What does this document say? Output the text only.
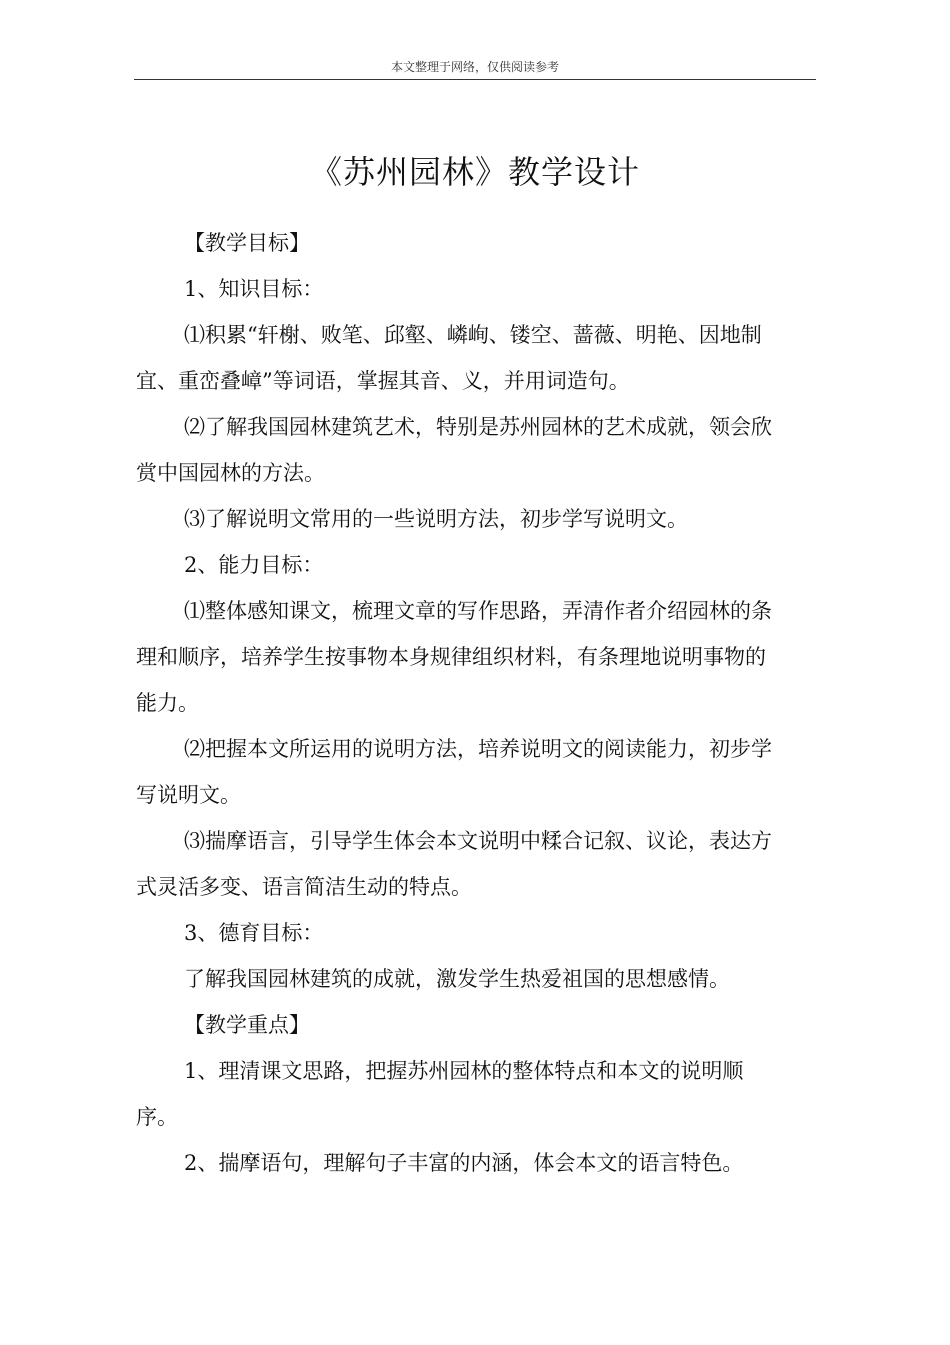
本文整理于网络，仅供阅读参考
《苏州园林》教学设计

【教学目标】

1、知识目标：

⑴积累“轩榭、败笔、邱壑、嶙峋、镂空、蔷薇、明艳、因地制宜、重峦叠嶂”等词语，掌握其音、义，并用词造句。

⑵了解我国园林建筑艺术，特别是苏州园林的艺术成就，领会欣赏中国园林的方法。

⑶了解说明文常用的一些说明方法，初步学写说明文。

2、能力目标：

⑴整体感知课文，梳理文章的写作思路，弄清作者介绍园林的条理和顺序，培养学生按事物本身规律组织材料，有条理地说明事物的能力。

⑵把握本文所运用的说明方法，培养说明文的阅读能力，初步学写说明文。

⑶揣摩语言，引导学生体会本文说明中糅合记叙、议论，表达方式灵活多变、语言简洁生动的特点。

3、德育目标：

了解我国园林建筑的成就，激发学生热爱祖国的思想感情。

【教学重点】

1、理清课文思路，把握苏州园林的整体特点和本文的说明顺序。

2、揣摩语句，理解句子丰富的内涵，体会本文的语言特色。
